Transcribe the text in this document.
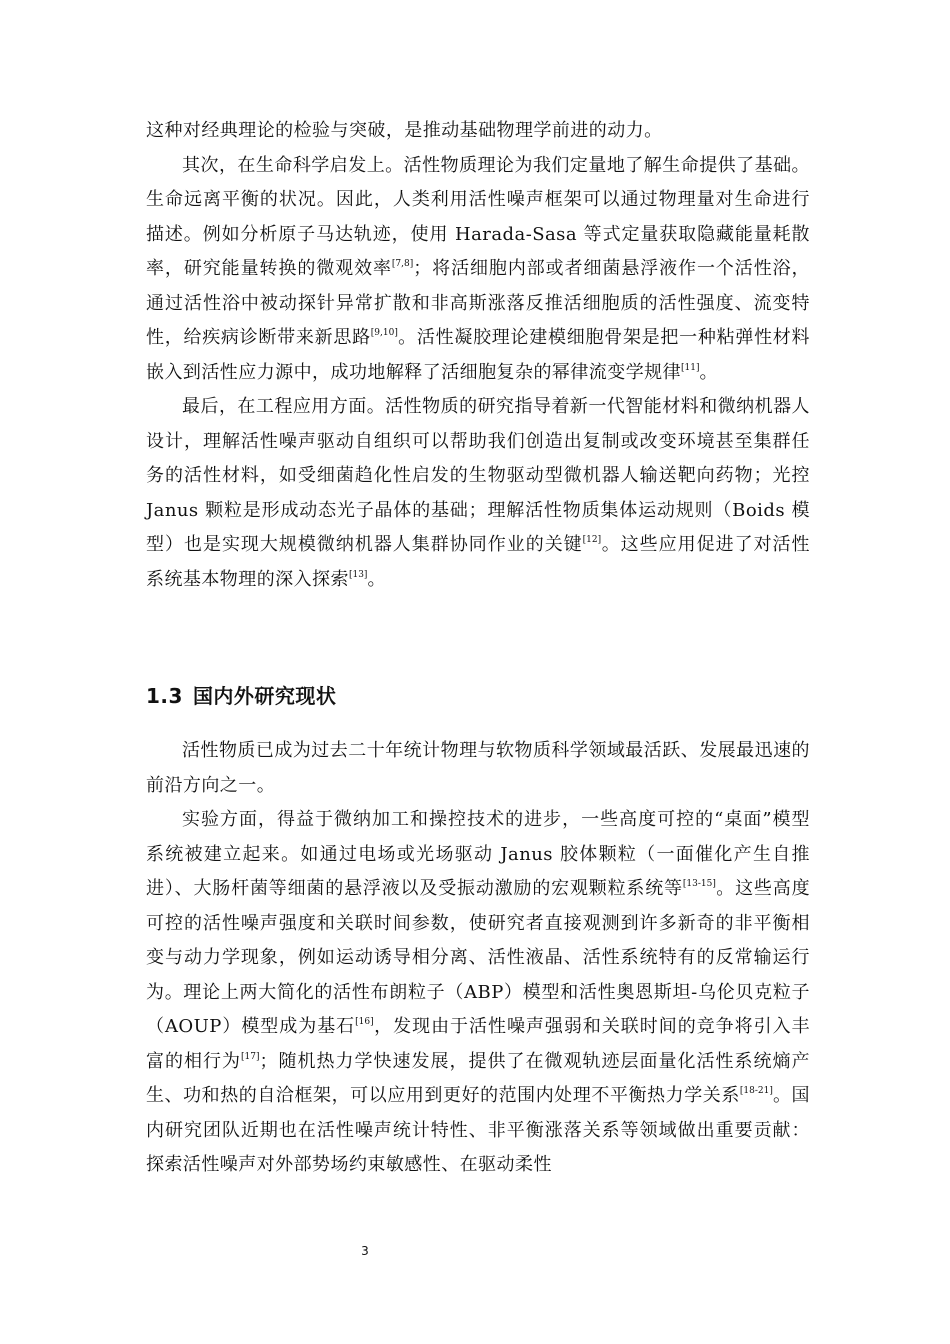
这种对经典理论的检验与突破，是推动基础物理学前进的动力。

其次，在生命科学启发上。活性物质理论为我们定量地了解生命提供了基础。生命远离平衡的状况。因此，人类利用活性噪声框架可以通过物理量对生命进行描述。例如分析原子马达轨迹，使用 Harada-Sasa 等式定量获取隐藏能量耗散率，研究能量转换的微观效率[7,8]；将活细胞内部或者细菌悬浮液作一个活性浴，通过活性浴中被动探针异常扩散和非高斯涨落反推活细胞质的活性强度、流变特性，给疾病诊断带来新思路[9,10]。活性凝胶理论建模细胞骨架是把一种粘弹性材料嵌入到活性应力源中，成功地解释了活细胞复杂的幂律流变学规律[11]。

最后，在工程应用方面。活性物质的研究指导着新一代智能材料和微纳机器人设计，理解活性噪声驱动自组织可以帮助我们创造出复制或改变环境甚至集群任务的活性材料，如受细菌趋化性启发的生物驱动型微机器人输送靶向药物；光控 Janus 颗粒是形成动态光子晶体的基础；理解活性物质集体运动规则（Boids 模型）也是实现大规模微纳机器人集群协同作业的关键[12]。这些应用促进了对活性系统基本物理的深入探索[13]。

1.3 国内外研究现状

活性物质已成为过去二十年统计物理与软物质科学领域最活跃、发展最迅速的前沿方向之一。

实验方面，得益于微纳加工和操控技术的进步，一些高度可控的“桌面”模型系统被建立起来。如通过电场或光场驱动 Janus 胶体颗粒（一面催化产生自推进）、大肠杆菌等细菌的悬浮液以及受振动激励的宏观颗粒系统等[13-15]。这些高度可控的活性噪声强度和关联时间参数，使研究者直接观测到许多新奇的非平衡相变与动力学现象，例如运动诱导相分离、活性液晶、活性系统特有的反常输运行为。理论上两大简化的活性布朗粒子（ABP）模型和活性奥恩斯坦-乌伦贝克粒子（AOUP）模型成为基石[16]，发现由于活性噪声强弱和关联时间的竞争将引入丰富的相行为[17]；随机热力学快速发展，提供了在微观轨迹层面量化活性系统熵产生、功和热的自洽框架，可以应用到更好的范围内处理不平衡热力学关系[18-21]。国内研究团队近期也在活性噪声统计特性、非平衡涨落关系等领域做出重要贡献：探索活性噪声对外部势场约束敏感性、在驱动柔性

3
